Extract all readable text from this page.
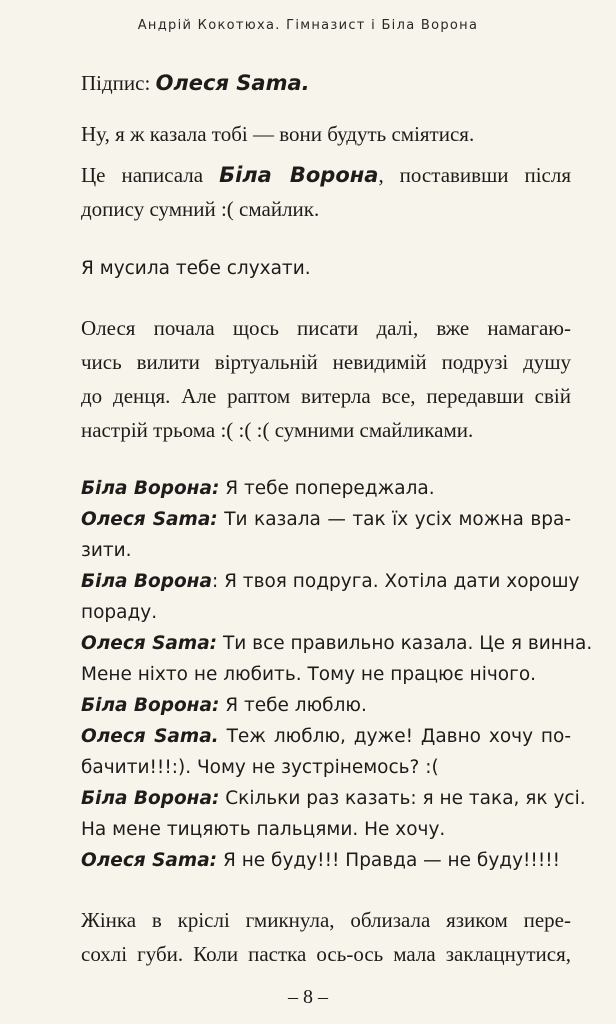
Андрій Кокотюха. Гімназист і Біла Ворона
Підпис: Олеся Sama.
Ну, я ж казала тобі — вони будуть сміятися.
Це написала Біла Ворона, поставивши після
допису сумний :( смайлик.
Я мусила тебе слухати.
Олеся почала щось писати далі, вже намагаю-
чись вилити віртуальній невидимій подрузі душу
до денця. Але раптом витерла все, передавши свій
настрій трьома :( :( :( сумними смайликами.
Біла Ворона: Я тебе попереджала.
Олеся Sama: Ти казала — так їх усіх можна вра-
зити.
Біла Ворона: Я твоя подруга. Хотіла дати хорошу
пораду.
Олеся Sama: Ти все правильно казала. Це я винна.
Мене ніхто не любить. Тому не працює нічого.
Біла Ворона: Я тебе люблю.
Олеся Sama. Теж люблю, дуже! Давно хочу по-
бачити!!!:). Чому не зустрінемось? :(
Біла Ворона: Скільки раз казать: я не така, як усі.
На мене тицяють пальцями. Не хочу.
Олеся Sama: Я не буду!!! Правда — не буду!!!!!
Жінка в кріслі гмикнула, облизала язиком пере-
сохлі губи. Коли пастка ось-ось мала заклацнутися,
– 8 –
